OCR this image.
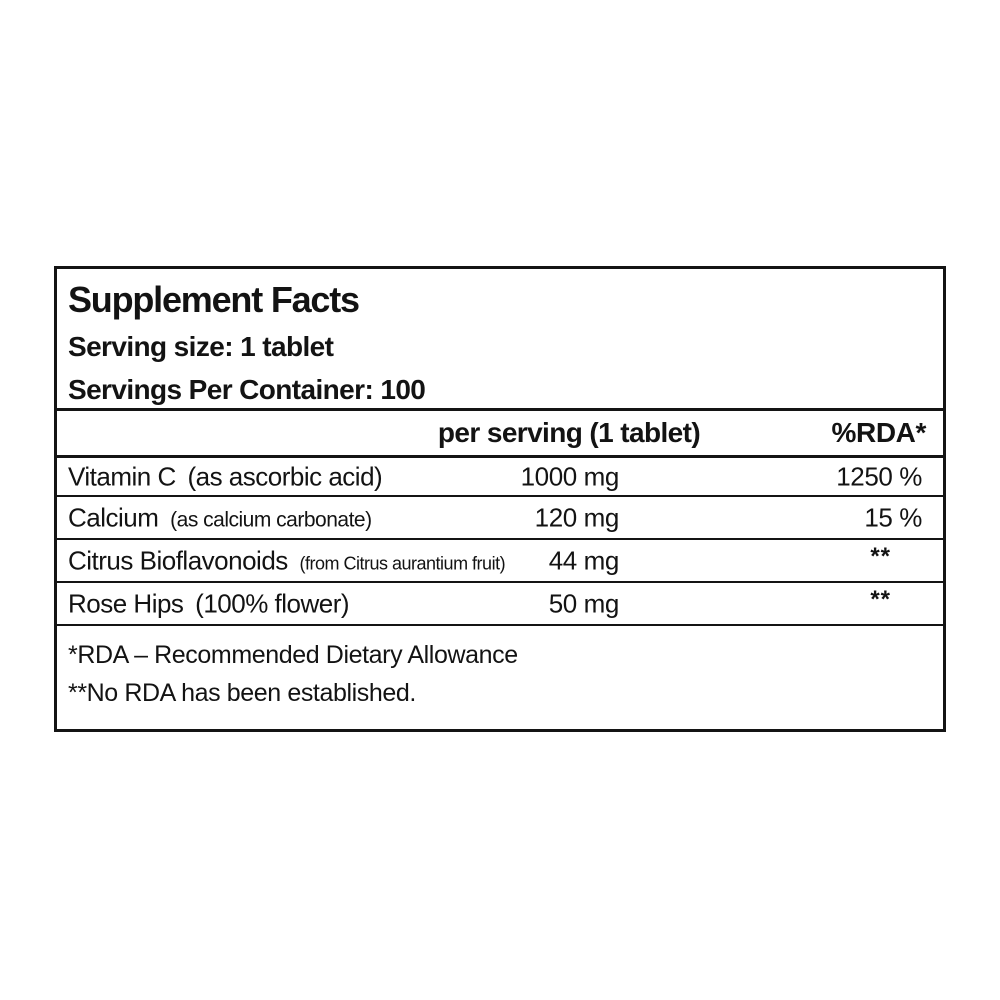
Supplement Facts
Serving size: 1 tablet
Servings Per Container: 100
per serving (1 tablet)	%RDA*
Vitamin C (as ascorbic acid)	1000 mg	1250 %
Calcium (as calcium carbonate)	120 mg	15 %
Citrus Bioflavonoids (from Citrus aurantium fruit) 44 mg	**
Rose Hips (100% flower)	50 mg	**
*RDA – Recommended Dietary Allowance
**No RDA has been established.
